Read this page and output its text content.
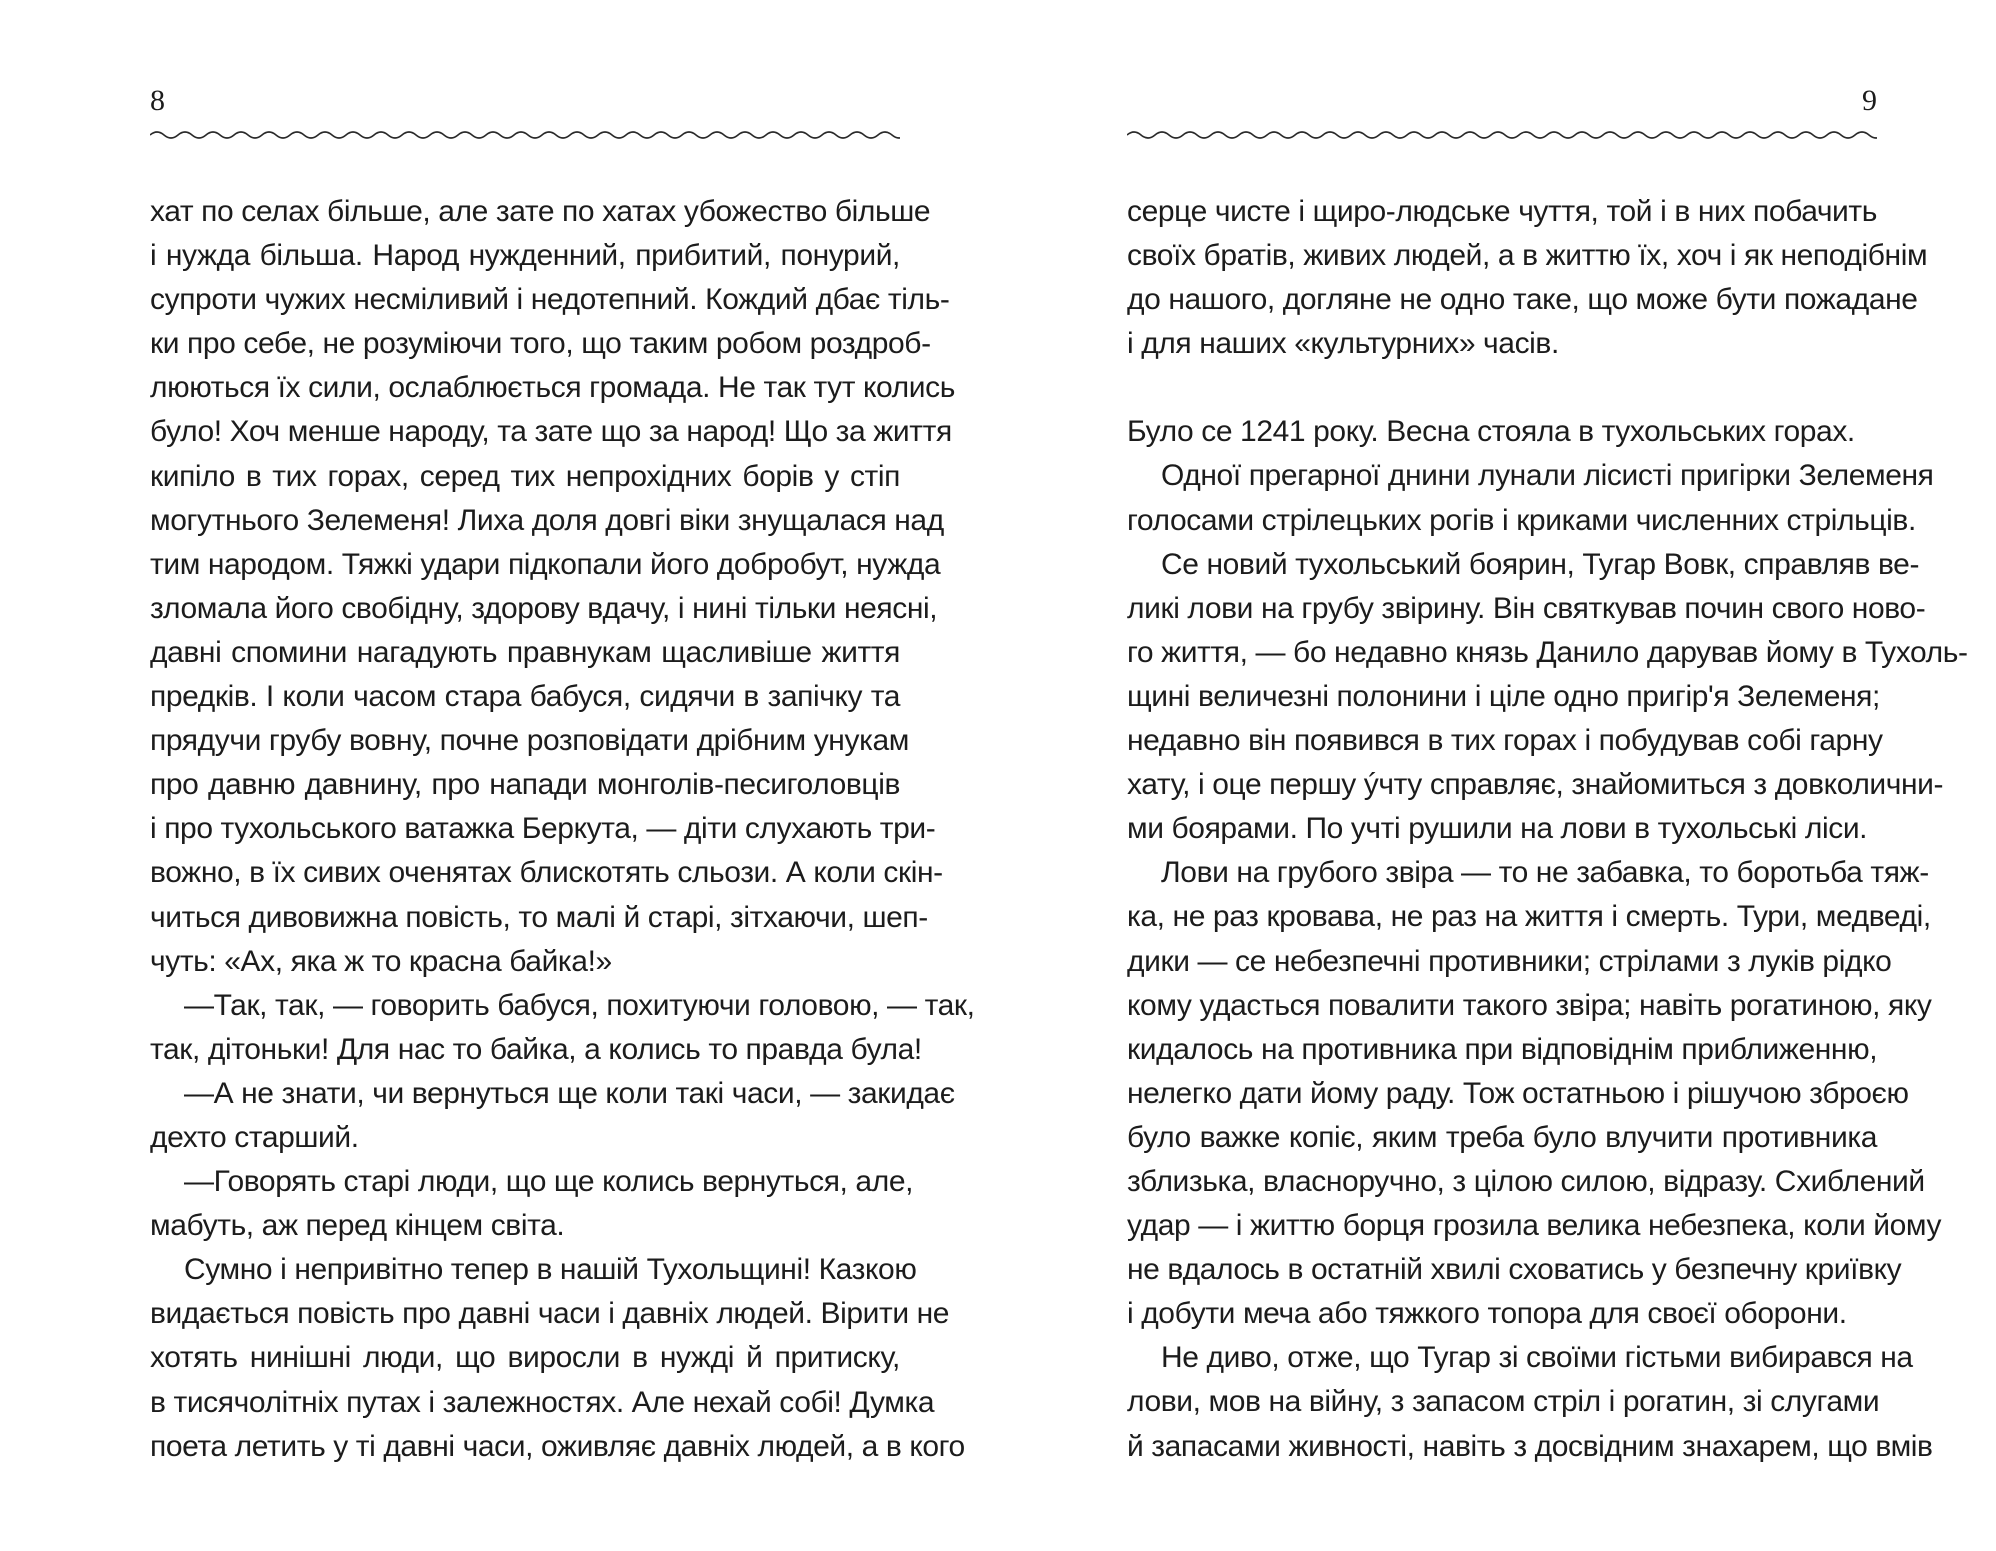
8
хат по селах більше, але зате по хатах убожество більше
і нужда більша. Народ нужденний, прибитий, понурий,
супроти чужих несміливий і недотепний. Кождий дбає тіль-
ки про себе, не розуміючи того, що таким робом роздроб-
люються їх сили, ослаблюється громада. Не так тут колись
було! Хоч менше народу, та зате що за народ! Що за життя
кипіло в тих горах, серед тих непрохідних борів у стіп
могутнього Зелеменя! Лиха доля довгі віки знущалася над
тим народом. Тяжкі удари підкопали його добробут, нужда
зломала його свобідну, здорову вдачу, і нині тільки неясні,
давні спомини нагадують правнукам щасливіше життя
предків. І коли часом стара бабуся, сидячи в запічку та
прядучи грубу вовну, почне розповідати дрібним унукам
про давню давнину, про напади монголів-песиголовців
і про тухольського ватажка Беркута, — діти слухають три-
вожно, в їх сивих оченятах блискотять сльози. А коли скін-
читься дивовижна повість, то малі й старі, зітхаючи, шеп-
чуть: «Ах, яка ж то красна байка!»
—Так, так, — говорить бабуся, похитуючи головою, — так,
так, дітоньки! Для нас то байка, а колись то правда була!
—А не знати, чи вернуться ще коли такі часи, — закидає
дехто старший.
—Говорять старі люди, що ще колись вернуться, але,
мабуть, аж перед кінцем світа.
Сумно і непривітно тепер в нашій Тухольщині! Казкою
видається повість про давні часи і давніх людей. Вірити не
хотять нинішні люди, що виросли в нужді й притиску,
в тисячолітніх путах і залежностях. Але нехай собі! Думка
поета летить у ті давні часи, оживляє давніх людей, а в кого
9
серце чисте і щиро-людське чуття, той і в них побачить
своїх братів, живих людей, а в життю їх, хоч і як неподібнім
до нашого, догляне не одно таке, що може бути пожадане
і для наших «культурних» часів.
Було се 1241 року. Весна стояла в тухольських горах.
Одної прегарної днини лунали лісисті пригірки Зелеменя
голосами стрілецьких рогів і криками численних стрільців.
Се новий тухольський боярин, Тугар Вовк, справляв ве-
ликі лови на грубу звірину. Він святкував почин свого ново-
го життя, — бо недавно князь Данило дарував йому в Тухоль-
щині величезні полонини і ціле одно пригір'я Зелеменя;
недавно він появився в тих горах і побудував собі гарну
хату, і оце першу ýчту справляє, знайомиться з довколични-
ми боярами. По учті рушили на лови в тухольські ліси.
Лови на грубого звіра — то не забавка, то боротьба тяж-
ка, не раз кровава, не раз на життя і смерть. Тури, медведі,
дики — се небезпечні противники; стрілами з луків рідко
кому удасться повалити такого звіра; навіть рогатиною, яку
кидалось на противника при відповіднім приближенню,
нелегко дати йому раду. Тож остатньою і рішучою зброєю
було важке копіє, яким треба було влучити противника
зблизька, власноручно, з цілою силою, відразу. Схиблений
удар — і життю борця грозила велика небезпека, коли йому
не вдалось в остатній хвилі сховатись у безпечну криївку
і добути меча або тяжкого топора для своєї оборони.
Не диво, отже, що Тугар зі своїми гістьми вибирався на
лови, мов на війну, з запасом стріл і рогатин, зі слугами
й запасами живності, навіть з досвідним знахарем, що вмів
